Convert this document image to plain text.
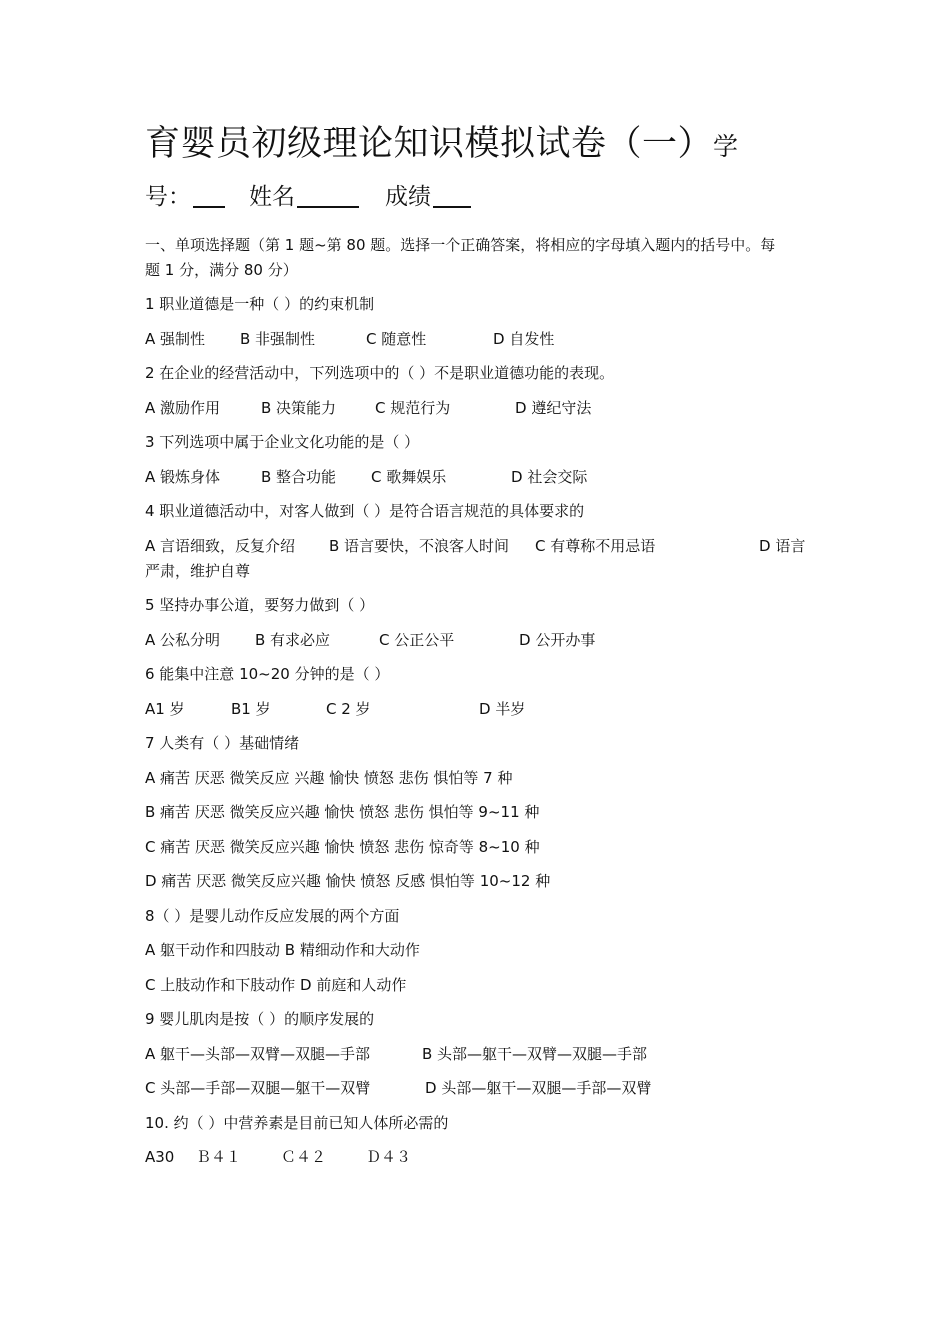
育婴员初级理论知识模拟试卷（一）学
号：	姓名	成绩
一、单项选择题（第 1 题~第 80 题。选择一个正确答案，将相应的字母填入题内的括号中。每
题 1 分，满分 80 分）
1 职业道德是一种（ ）的约束机制
A 强制性 B 非强制性	C 随意性	D 自发性
2 在企业的经营活动中，下列选项中的（ ）不是职业道德功能的表现。
A 激励作用	B 决策能力	C 规范行为	D 遵纪守法
3 下列选项中属于企业文化功能的是（ ）
A 锻炼身体	B 整合功能 C 歌舞娱乐	D 社会交际
4 职业道德活动中，对客人做到（ ）是符合语言规范的具体要求的
A 言语细致，反复介绍 B 语言要快，不浪客人时间 C 有尊称不用忌语	D 语言
严肃，维护自尊
5 坚持办事公道，要努力做到（ ）
A 公私分明 B 有求必应	C 公正公平	D 公开办事
6 能集中注意 10~20 分钟的是（ ）
A1 岁	B1 岁	C 2 岁	D 半岁
7 人类有（ ）基础情绪
A 痛苦 厌恶 微笑反应 兴趣 愉快 愤怒 悲伤 惧怕等 7 种
B 痛苦 厌恶 微笑反应兴趣 愉快 愤怒 悲伤 惧怕等 9~11 种
C 痛苦 厌恶 微笑反应兴趣 愉快 愤怒 悲伤 惊奇等 8~10 种
D 痛苦 厌恶 微笑反应兴趣 愉快 愤怒 反感 惧怕等 10~12 种
8（ ）是婴儿动作反应发展的两个方面
A 躯干动作和四肢动 B 精细动作和大动作
C 上肢动作和下肢动作 D 前庭和人动作
9 婴儿肌肉是按（ ）的顺序发展的
A 躯干—头部—双臂—双腿—手部	B 头部—躯干—双臂—双腿—手部
C 头部—手部—双腿—躯干—双臂	D 头部—躯干—双腿—手部—双臂
10. 约（ ）中营养素是目前已知人体所必需的
A30 Ｂ４１	Ｃ４２	Ｄ４３
